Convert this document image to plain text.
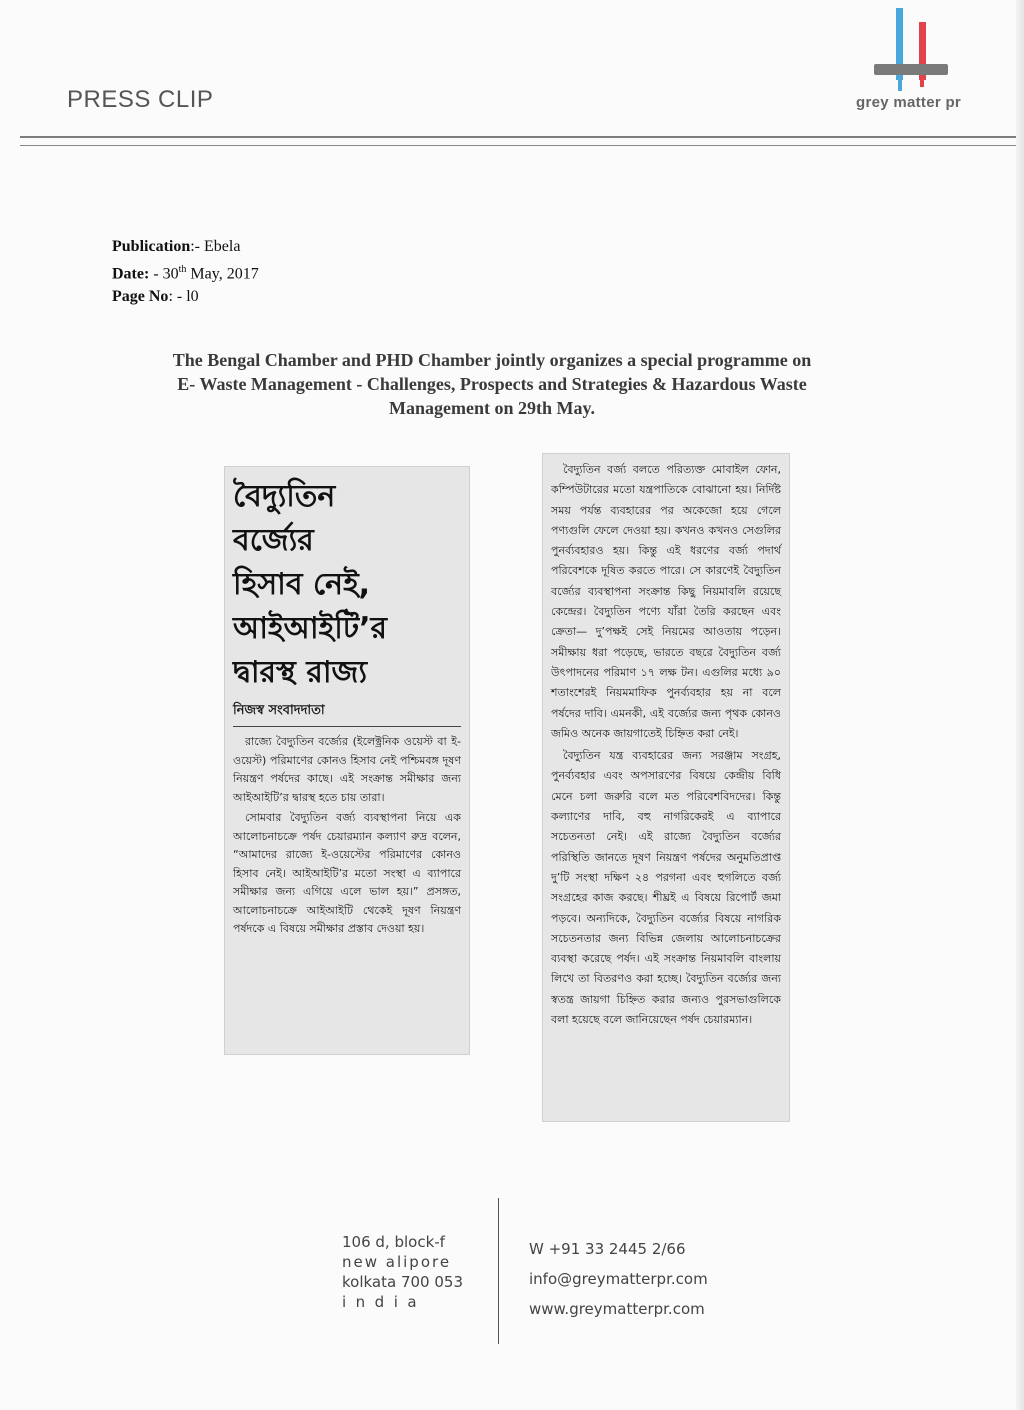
PRESS CLIP	grey matter pr
Publication:- Ebela
Date: - 30th May, 2017
Page No: - l0
The Bengal Chamber and PHD Chamber jointly organizes a special programme on
E- Waste Management - Challenges, Prospects and Strategies & Hazardous Waste
Management on 29th May.
বৈদ্যুতিন
বর্জ্যের
হিসাব নেই,
আইআইটি’র
দ্বারস্থ রাজ্য
নিজস্ব সংবাদদাতা

রাজ্যে বৈদ্যুতিন বর্জ্যের (ইলেক্ট্রনিক ওয়েস্ট বা ই-ওয়েস্ট) পরিমাণের কোনও হিসাব নেই পশ্চিমবঙ্গ দূষণ নিয়ন্ত্রণ পর্ষদের কাছে। এই সংক্রান্ত সমীক্ষার জন্য আইআইটি’র দ্বারস্থ হতে চায় তারা।

সোমবার বৈদ্যুতিন বর্জ্য ব্যবস্থাপনা নিয়ে এক আলোচনাচক্রে পর্ষদ চেয়ারম্যান কল্যাণ রুদ্র বলেন, “আমাদের রাজ্যে ই-ওয়েস্টের পরিমাণের কোনও হিসাব নেই। আইআইটি’র মতো সংস্থা এ ব্যাপারে সমীক্ষার জন্য এগিয়ে এলে ভাল হয়।” প্রসঙ্গত, আলোচনাচক্রে আইআইটি থেকেই দূষণ নিয়ন্ত্রণ পর্ষদকে এ বিষয়ে সমীক্ষার প্রস্তাব দেওয়া হয়।

বৈদ্যুতিন বর্জ্য বলতে পরিত্যক্ত মোবাইল ফোন, কম্পিউটারের মতো যন্ত্রপাতিকে বোঝানো হয়। নির্দিষ্ট সময় পর্যন্ত ব্যবহারের পর অকেজো হয়ে গেলে পণ্যগুলি ফেলে দেওয়া হয়। কখনও কখনও সেগুলির পুনর্ব্যবহারও হয়। কিন্তু এই ধরণের বর্জ্য পদার্থ পরিবেশকে দূষিত করতে পারে। সে কারণেই বৈদ্যুতিন বর্জ্যের ব্যবস্থাপনা সংক্রান্ত কিছু নিয়মাবলি রয়েছে কেন্দ্রের। বৈদ্যুতিন পণ্যে যাঁরা তৈরি করছেন এবং ক্রেতা— দু’পক্ষই সেই নিয়মের আওতায় পড়েন। সমীক্ষায় ধরা পড়েছে, ভারতে বছরে বৈদ্যুতিন বর্জ্য উৎপাদনের পরিমাণ ১৭ লক্ষ টন। এগুলির মধ্যে ৯০ শতাংশেরই নিয়মমাফিক পুনর্ব্যবহার হয় না বলে পর্ষদের দাবি। এমনকী, এই বর্জ্যের জন্য পৃথক কোনও জমিও অনেক জায়গাতেই চিহ্নিত করা নেই।

বৈদ্যুতিন যন্ত্র ব্যবহারের জন্য সরঞ্জাম সংগ্রহ, পুনর্ব্যবহার এবং অপসারণের বিষয়ে কেন্দ্রীয় বিধি মেনে চলা জরুরি বলে মত পরিবেশবিদদের। কিন্তু কল্যাণের দাবি, বহু নাগরিকেরই এ ব্যাপারে সচেতনতা নেই। এই রাজ্যে বৈদ্যুতিন বর্জ্যের পরিস্থিতি জানতে দূষণ নিয়ন্ত্রণ পর্ষদের অনুমতিপ্রাপ্ত দু’টি সংস্থা দক্ষিণ ২৪ পরগনা এবং হুগলিতে বর্জ্য সংগ্রহের কাজ করছে। শীঘ্রই এ বিষয়ে রিপোর্ট জমা পড়বে। অন্যদিকে, বৈদ্যুতিন বর্জ্যের বিষয়ে নাগরিক সচেতনতার জন্য বিভিন্ন জেলায় আলোচনাচক্রের ব্যবস্থা করেছে পর্ষদ। এই সংক্রান্ত নিয়মাবলি বাংলায় লিখে তা বিতরণও করা হচ্ছে। বৈদ্যুতিন বর্জ্যের জন্য স্বতন্ত্র জায়গা চিহ্নিত করার জন্যও পুরসভাগুলিকে বলা হয়েছে বলে জানিয়েছেন পর্ষদ চেয়ারম্যান।

106 d, block-f
new alipore
kolkata 700 053
india
W +91 33 2445 2/66
info@greymatterpr.com
www.greymatterpr.com
